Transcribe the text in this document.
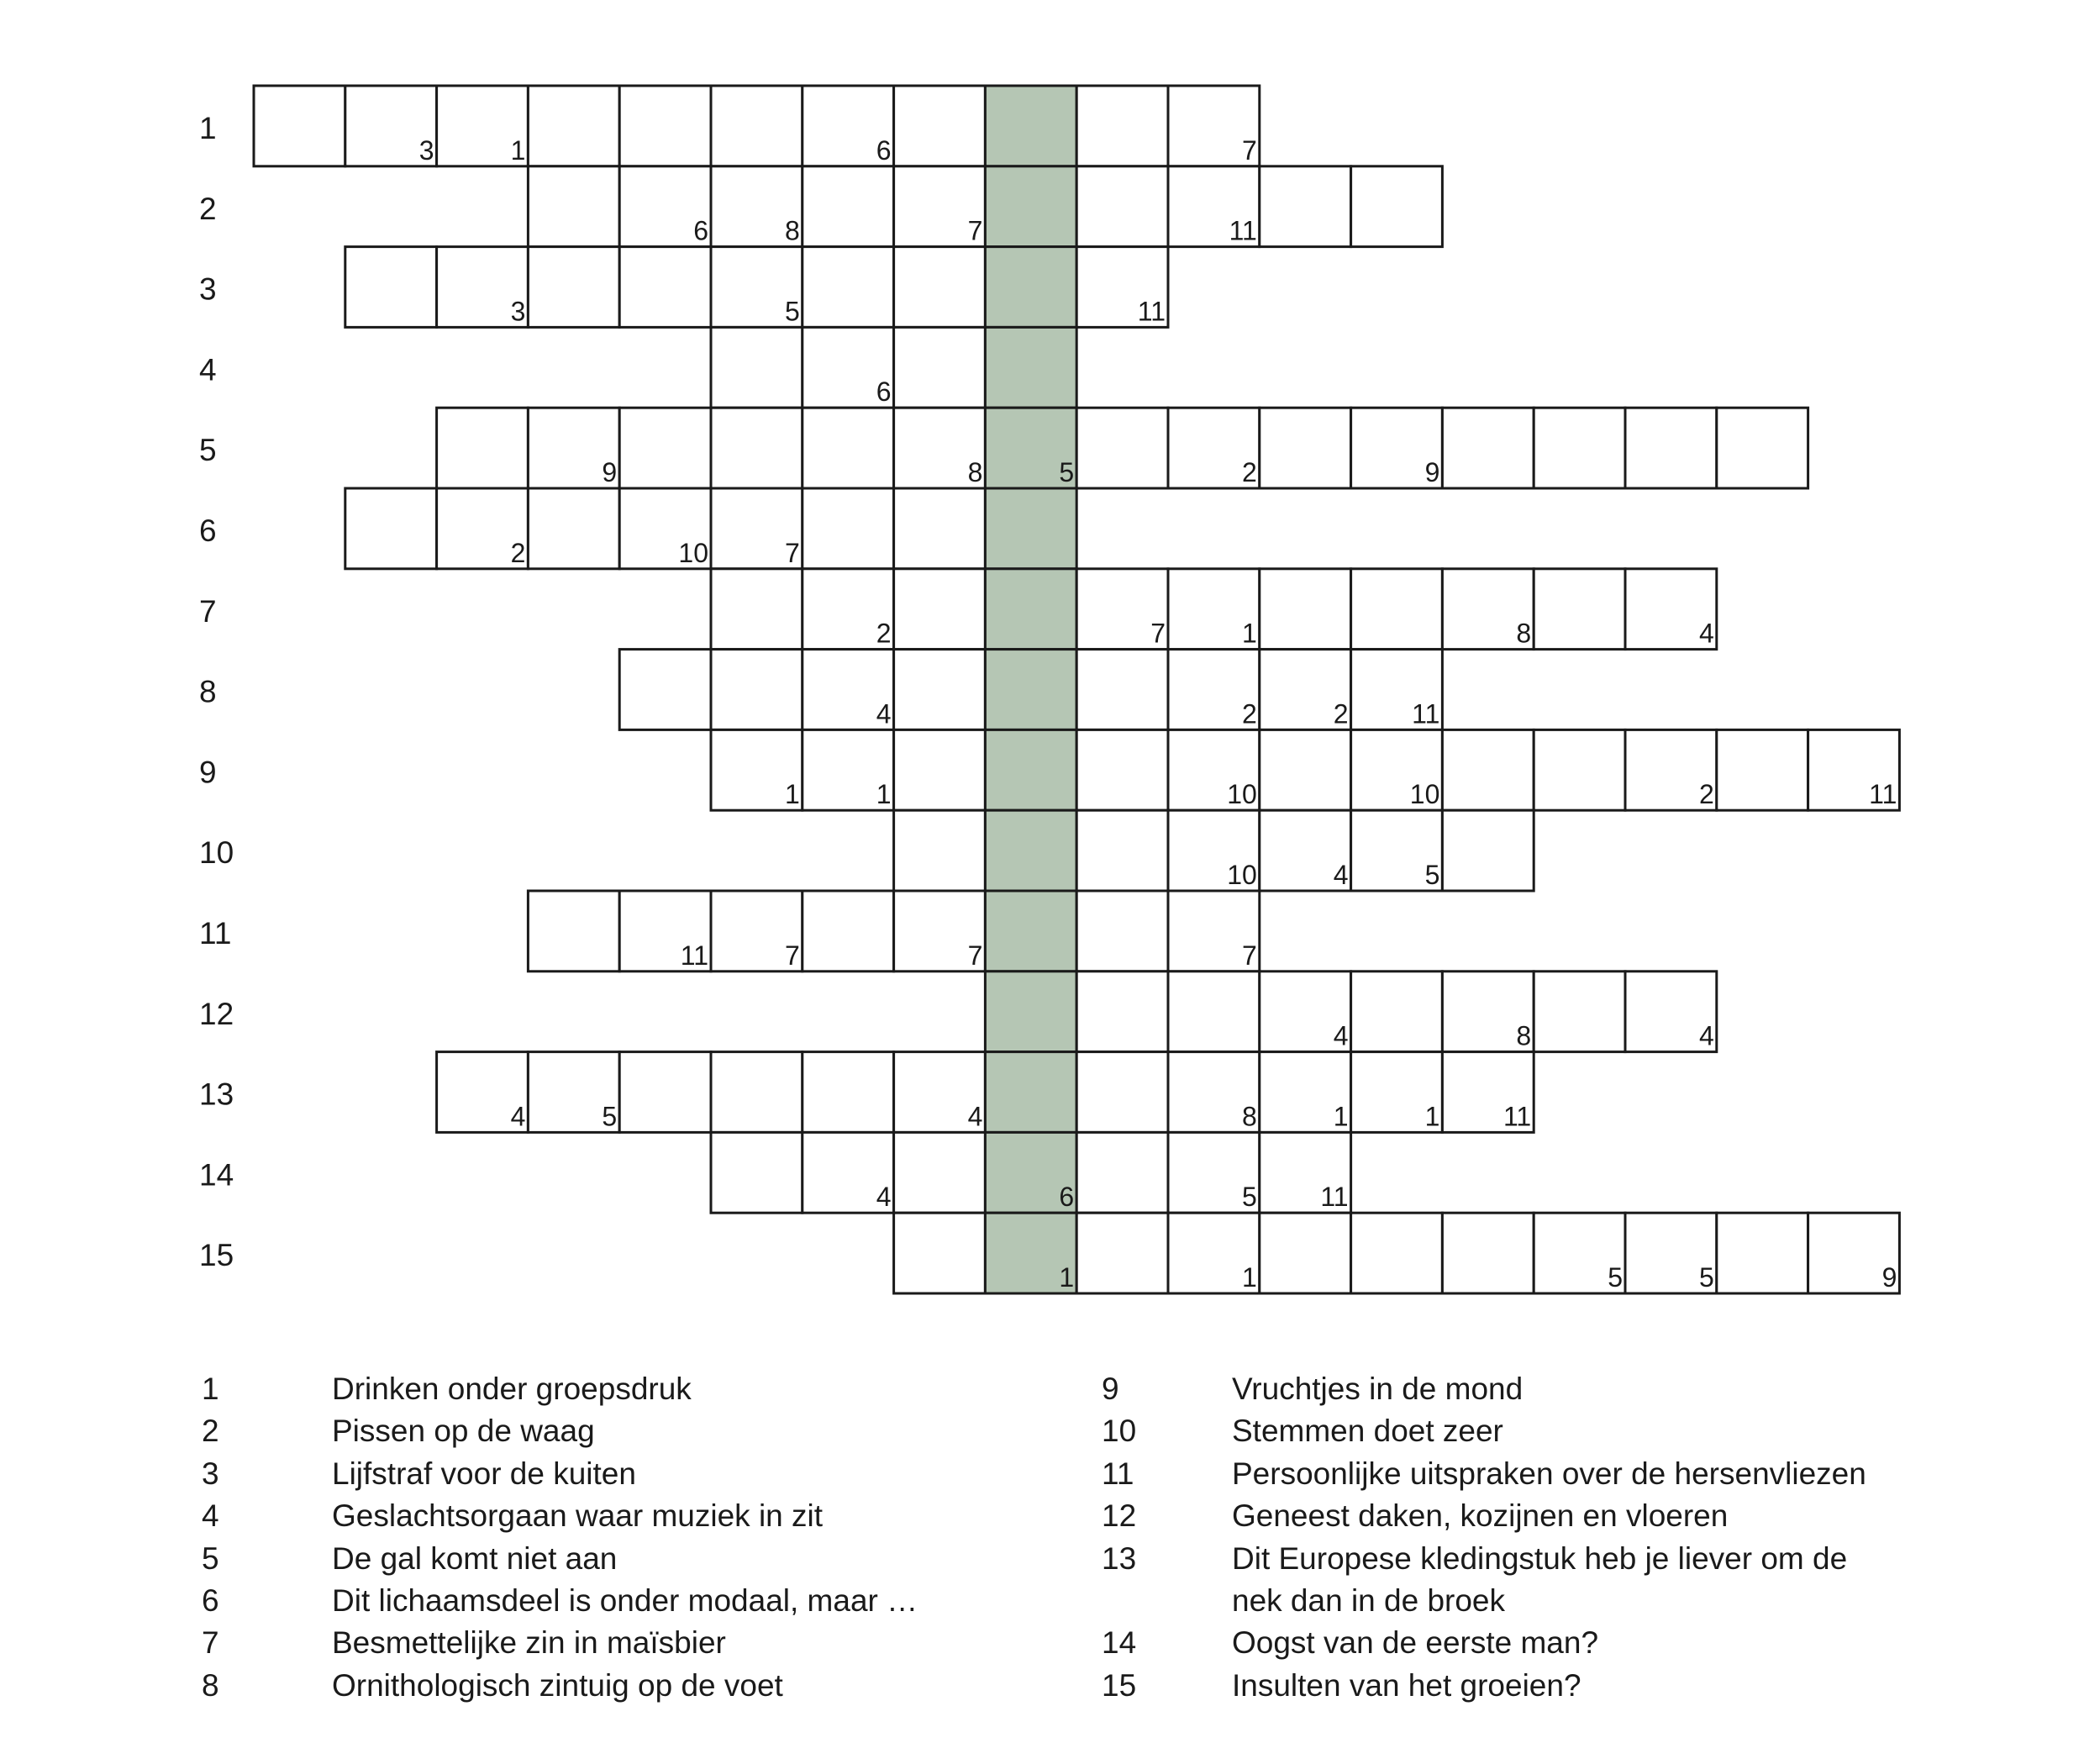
1
3	1	6	7
2
6	8	7	11
3
3	5	11
4
6
5
9	8	5	2	9
6
2	10	7
7
2	7	1	8	4
8
4	2	2 11
9
1	1	10	10	2	11
10
10	4	5
11
11	7	7	7
12
4	8	4
13
4	5	4	8	1	1 11
14
4	6	5 11
15
1	1	5	5	9
1	Drinken onder groepsdruk
2	Pissen op de waag
3	Lijfstraf voor de kuiten
4	Geslachtsorgaan waar muziek in zit
5	De gal komt niet aan
6	Dit lichaamsdeel is onder modaal, maar …
7	Besmettelijke zin in maïsbier
8	Ornithologisch zintuig op de voet
9	Vruchtjes in de mond
10	Stemmen doet zeer
11	Persoonlijke uitspraken over de hersenvliezen
12	Geneest daken, kozijnen en vloeren
13	Dit Europese kledingstuk heb je liever om de
nek dan in de broek
14	Oogst van de eerste man?
15	Insulten van het groeien?
